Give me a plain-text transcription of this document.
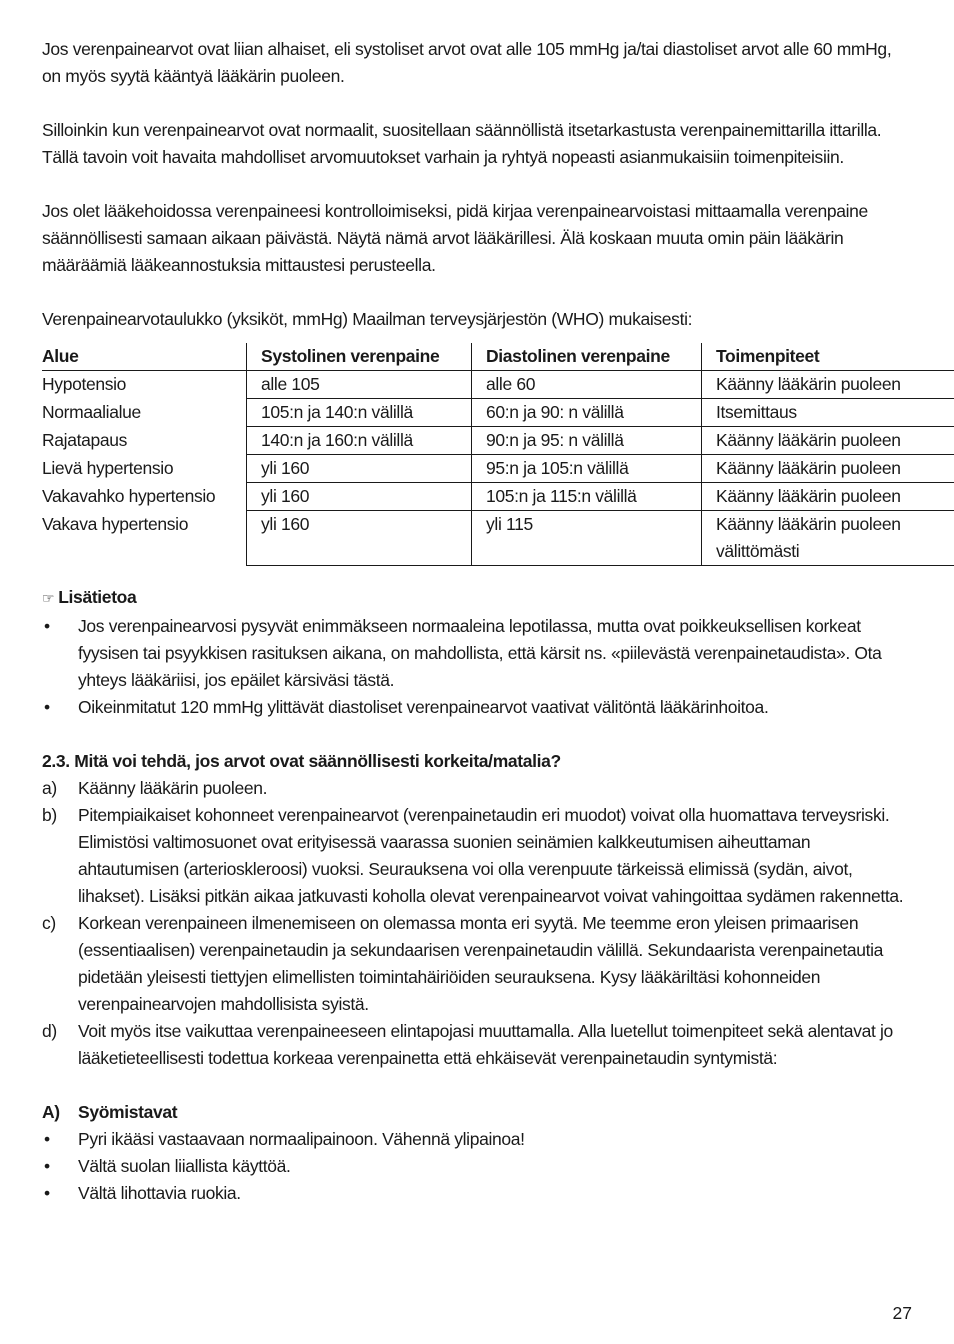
Jos verenpainearvot ovat liian alhaiset, eli systoliset arvot ovat alle 105 mmHg ja/tai diastoliset arvot alle 60 mmHg, on myös syytä kääntyä lääkärin puoleen.

Silloinkin kun verenpainearvot ovat normaalit, suositellaan säännöllistä itsetarkastusta verenpainemittarilla ittarilla. Tällä tavoin voit havaita mahdolliset arvomuutokset varhain ja ryhtyä nopeasti asianmukaisiin toimenpiteisiin.

Jos olet lääkehoidossa verenpaineesi kontrolloimiseksi, pidä kirjaa verenpainearvoistasi mittaamalla verenpaine säännöllisesti samaan aikaan päivästä. Näytä nämä arvot lääkärillesi. Älä koskaan muuta omin päin lääkärin määräämiä lääkeannostuksia mittaustesi perusteella.

Verenpainearvotaulukko (yksiköt, mmHg) Maailman terveysjärjestön (WHO) mukaisesti:

Alue	Systolinen verenpaine	Diastolinen verenpaine	Toimenpiteet
Hypotensio	alle 105	alle 60	Käänny lääkärin puoleen
Normaalialue	105:n ja 140:n välillä	60:n ja 90: n välillä	Itsemittaus
Rajatapaus	140:n ja 160:n välillä	90:n ja 95: n välillä	Käänny lääkärin puoleen
Lievä hypertensio	yli 160	95:n ja 105:n välillä	Käänny lääkärin puoleen
Vakavahko hypertensio	yli 160	105:n ja 115:n välillä	Käänny lääkärin puoleen
Vakava hypertensio	yli 160	yli 115	Käänny lääkärin puoleen välittömästi
☞ Lisätietoa
• Jos verenpainearvosi pysyvät enimmäkseen normaaleina lepotilassa, mutta ovat poikkeuksellisen korkeat fyysisen tai psyykkisen rasituksen aikana, on mahdollista, että kärsit ns. «piilevästä verenpainetaudista». Ota yhteys lääkäriisi, jos epäilet kärsiväsi tästä.
• Oikeinmitatut 120 mmHg ylittävät diastoliset verenpainearvot vaativat välitöntä lääkärinhoitoa.
2.3. Mitä voi tehdä, jos arvot ovat säännöllisesti korkeita/matalia?
a) Käänny lääkärin puoleen.
b) Pitempiaikaiset kohonneet verenpainearvot (verenpainetaudin eri muodot) voivat olla huomattava terveysriski. Elimistösi valtimosuonet ovat erityisessä vaarassa suonien seinämien kalkkeutumisen aiheuttaman ahtautumisen (arterioskleroosi) vuoksi. Seurauksena voi olla verenpuute tärkeissä elimissä (sydän, aivot, lihakset). Lisäksi pitkän aikaa jatkuvasti koholla olevat verenpainearvot voivat vahingoittaa sydämen rakennetta.
c) Korkean verenpaineen ilmenemiseen on olemassa monta eri syytä. Me teemme eron yleisen primaarisen (essentiaalisen) verenpainetaudin ja sekundaarisen verenpainetaudin välillä. Sekundaarista verenpainetautia pidetään yleisesti tiettyjen elimellisten toimintahäiriöiden seurauksena. Kysy lääkäriltäsi kohonneiden verenpainearvojen mahdollisista syistä.
d) Voit myös itse vaikuttaa verenpaineeseen elintapojasi muuttamalla. Alla luetellut toimenpiteet sekä alentavat jo lääketieteellisesti todettua korkeaa verenpainetta että ehkäisevät verenpainetaudin syntymistä:
A) Syömistavat
• Pyri ikääsi vastaavaan normaalipainoon. Vähennä ylipainoa!
• Vältä suolan liiallista käyttöä.
• Vältä lihottavia ruokia.
27
